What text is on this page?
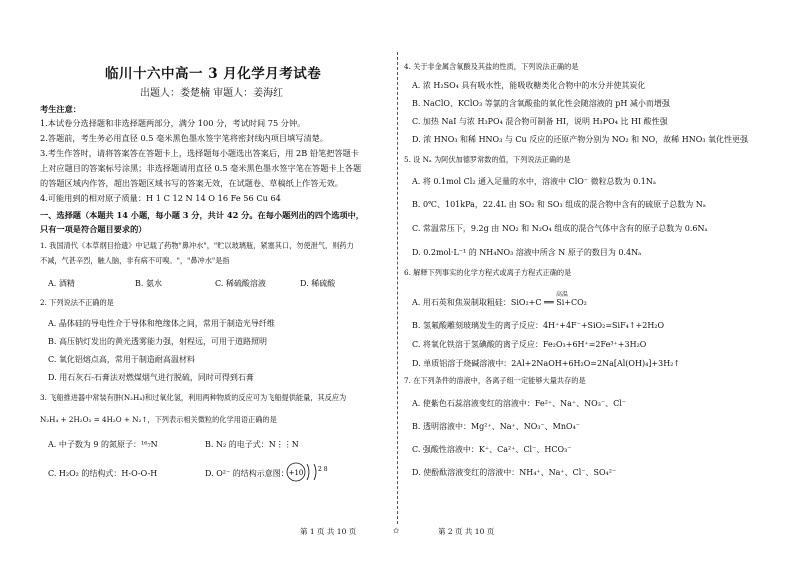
临川十六中高一 3 月化学月考试卷
出题人：娄楚楠 审题人：姜海红
考生注意：
1.本试卷分选择题和非选择题两部分，满分 100 分，考试时间 75 分钟。
2.答题前，考生务必用直径 0.5 毫米黑色墨水签字笔将密封线内项目填写清楚。
3.考生作答时，请将答案答在答题卡上，选择题每小题选出答案后，用 2B 铅笔把答题卡
上对应题目的答案标号涂黑；非选择题请用直径 0.5 毫米黑色墨水签字笔在答题卡上各题
的答题区域内作答，超出答题区域书写的答案无效，在试题卷、草稿纸上作答无效。
4.可能用到的相对原子质量：H 1 C 12 N 14 O 16 Fe 56 Cu 64
一、选择题（本题共 14 小题，每小题 3 分，共计 42 分。在每小题列出的四个选项中，
只有一项是符合题目要求的）
1. 我国清代《本草纲目拾遗》中记载了药物"鼻冲水"，"贮以玻璃瓶，紧塞其口，勿使泄气，则药力
不减，气甚辛烈，触人脑，非有病不可嗅。"，"鼻冲水"是指
A. 酒精	B. 氨水	C. 稀硫酸溶液	D. 稀硫酸
2. 下列说法不正确的是
A. 晶体硅的导电性介于导体和绝缘体之间，常用于制造光导纤维
B. 高压钠灯发出的黄光透雾能力强，射程远，可用于道路照明
C. 氧化铝熔点高，常用于制造耐高温材料
D. 用石灰石-石膏法对燃煤烟气进行脱硫，同时可得到石膏
3. 飞船推进器中常装有肼(N₂H₄)和过氧化氢，利用两种物质的反应可为飞船提供能量，其反应为
N₂H₄ + 2H₂O₂ = 4H₂O + N₂↑，下列表示相关微粒的化学用语正确的是
A. 中子数为 9 的氮原子：¹⁶₇N	B. N₂ 的电子式：N⋮⋮N
C. H₂O₂ 的结构式：H-O-O-H	D. O²⁻ 的结构示意图： +10 2 8
4. 关于非金属含氧酸及其盐的性质，下列说法正确的是
A. 浓 H₂SO₄ 具有吸水性，能吸收糖类化合物中的水分并使其炭化
B. NaClO、KClO₃ 等氯的含氧酸盐的氧化性会随溶液的 pH 减小而增强
C. 加热 NaI 与浓 H₃PO₄ 混合物可制备 HI，说明 H₃PO₄ 比 HI 酸性强
D. 浓 HNO₃ 和稀 HNO₃ 与 Cu 反应的还原产物分别为 NO₂ 和 NO，故稀 HNO₃ 氧化性更强
5. 设 Nₐ 为阿伏加德罗常数的值，下列说法正确的是
A. 将 0.1mol Cl₂ 通入足量的水中，溶液中 ClO⁻ 微粒总数为 0.1Nₐ
B. 0℃、101kPa，22.4L 由 SO₂ 和 SO₃ 组成的混合物中含有的硫原子总数为 Nₐ
C. 常温常压下，9.2g 由 NO₂ 和 N₂O₄ 组成的混合气体中含有的原子总数为 0.6Nₐ
D. 0.2mol·L⁻¹ 的 NH₄NO₃ 溶液中所含 N 原子的数目为 0.4Nₐ
6. 解释下列事实的化学方程式或离子方程式正确的是
高温
A. 用石英和焦炭制取粗硅：SiO₂+C ══ Si+CO₂
B. 氢氟酸雕刻玻璃发生的离子反应：4H⁺+4F⁻+SiO₂=SiF₄↑+2H₂O
C. 将氧化铁溶于氢碘酸的离子反应：Fe₂O₃+6H⁺=2Fe³⁺+3H₂O
D. 单质铝溶于烧碱溶液中：2Al+2NaOH+6H₂O=2Na[Al(OH)₄]+3H₂↑
7. 在下列条件的溶液中，各离子组一定能够大量共存的是
A. 使紫色石蕊溶液变红的溶液中：Fe²⁺、Na⁺、NO₃⁻、Cl⁻
B. 透明溶液中：Mg²⁺、Na⁺、NO₃⁻、MnO₄⁻
C. 强酸性溶液中：K⁺、Ca²⁺、Cl⁻、HCO₃⁻
D. 使酚酞溶液变红的溶液中：NH₄⁺、Na⁺、Cl⁻、SO₄²⁻
第 1 页 共 10 页	✩	第 2 页 共 10 页
